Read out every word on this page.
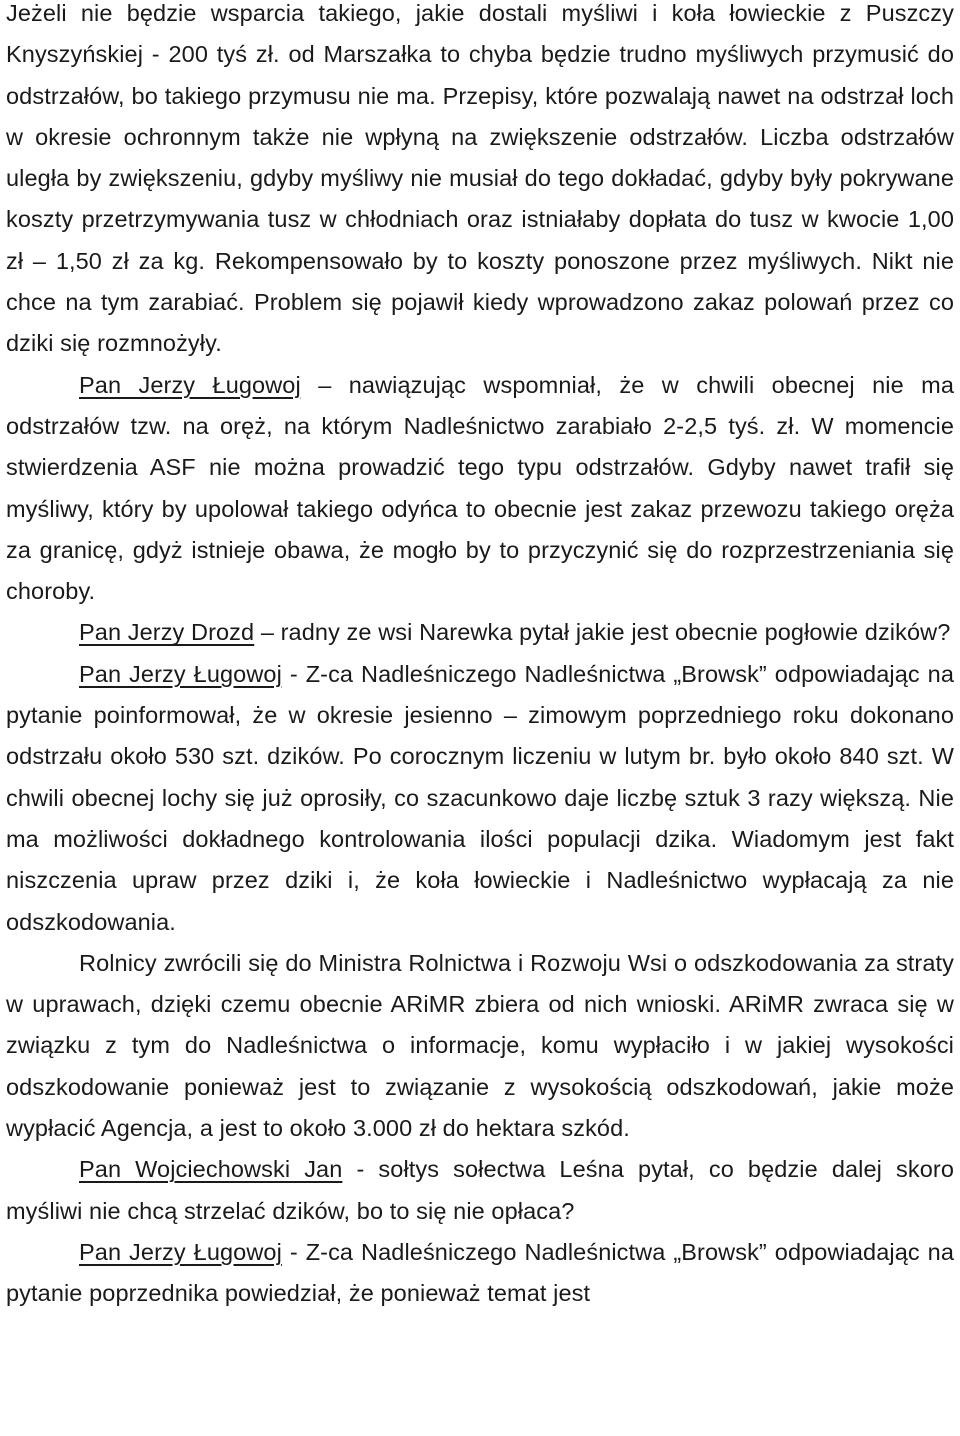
Jeżeli nie będzie wsparcia takiego, jakie dostali myśliwi i koła łowieckie z Puszczy Knyszyńskiej - 200 tyś zł. od Marszałka to chyba będzie trudno myśliwych przymusić do odstrzałów, bo takiego przymusu nie ma. Przepisy, które pozwalają nawet na odstrzał loch w okresie ochronnym także nie wpłyną na zwiększenie odstrzałów. Liczba odstrzałów uległa by zwiększeniu, gdyby myśliwy nie musiał do tego dokładać, gdyby były pokrywane koszty przetrzymywania tusz w chłodniach oraz istniałaby dopłata do tusz w kwocie 1,00 zł – 1,50 zł za kg. Rekompensowało by to koszty ponoszone przez myśliwych. Nikt nie chce na tym zarabiać. Problem się pojawił kiedy wprowadzono zakaz polowań przez co dziki się rozmnożyły.

Pan Jerzy Ługowoj – nawiązując wspomniał, że w chwili obecnej nie ma odstrzałów tzw. na oręż, na którym Nadleśnictwo zarabiało 2-2,5 tyś. zł. W momencie stwierdzenia ASF nie można prowadzić tego typu odstrzałów. Gdyby nawet trafił się myśliwy, który by upolował takiego odyńca to obecnie jest zakaz przewozu takiego oręża za granicę, gdyż istnieje obawa, że mogło by to przyczynić się do rozprzestrzeniania się choroby.

Pan Jerzy Drozd – radny ze wsi Narewka pytał jakie jest obecnie pogłowie dzików?

Pan Jerzy Ługowoj - Z-ca Nadleśniczego Nadleśnictwa „Browsk” odpowiadając na pytanie poinformował, że w okresie jesienno – zimowym poprzedniego roku dokonano odstrzału około 530 szt. dzików. Po corocznym liczeniu w lutym br. było około 840 szt. W chwili obecnej lochy się już oprosiły, co szacunkowo daje liczbę sztuk 3 razy większą. Nie ma możliwości dokładnego kontrolowania ilości populacji dzika. Wiadomym jest fakt niszczenia upraw przez dziki i, że koła łowieckie i Nadleśnictwo wypłacają za nie odszkodowania.

Rolnicy zwrócili się do Ministra Rolnictwa i Rozwoju Wsi o odszkodowania za straty w uprawach, dzięki czemu obecnie ARiMR zbiera od nich wnioski. ARiMR zwraca się w związku z tym do Nadleśnictwa o informacje, komu wypłaciło i w jakiej wysokości odszkodowanie ponieważ jest to związanie z wysokością odszkodowań, jakie może wypłacić Agencja, a jest to około 3.000 zł do hektara szkód.

Pan Wojciechowski Jan - sołtys sołectwa Leśna pytał, co będzie dalej skoro myśliwi nie chcą strzelać dzików, bo to się nie opłaca?

Pan Jerzy Ługowoj - Z-ca Nadleśniczego Nadleśnictwa „Browsk” odpowiadając na pytanie poprzednika powiedział, że ponieważ temat jest
